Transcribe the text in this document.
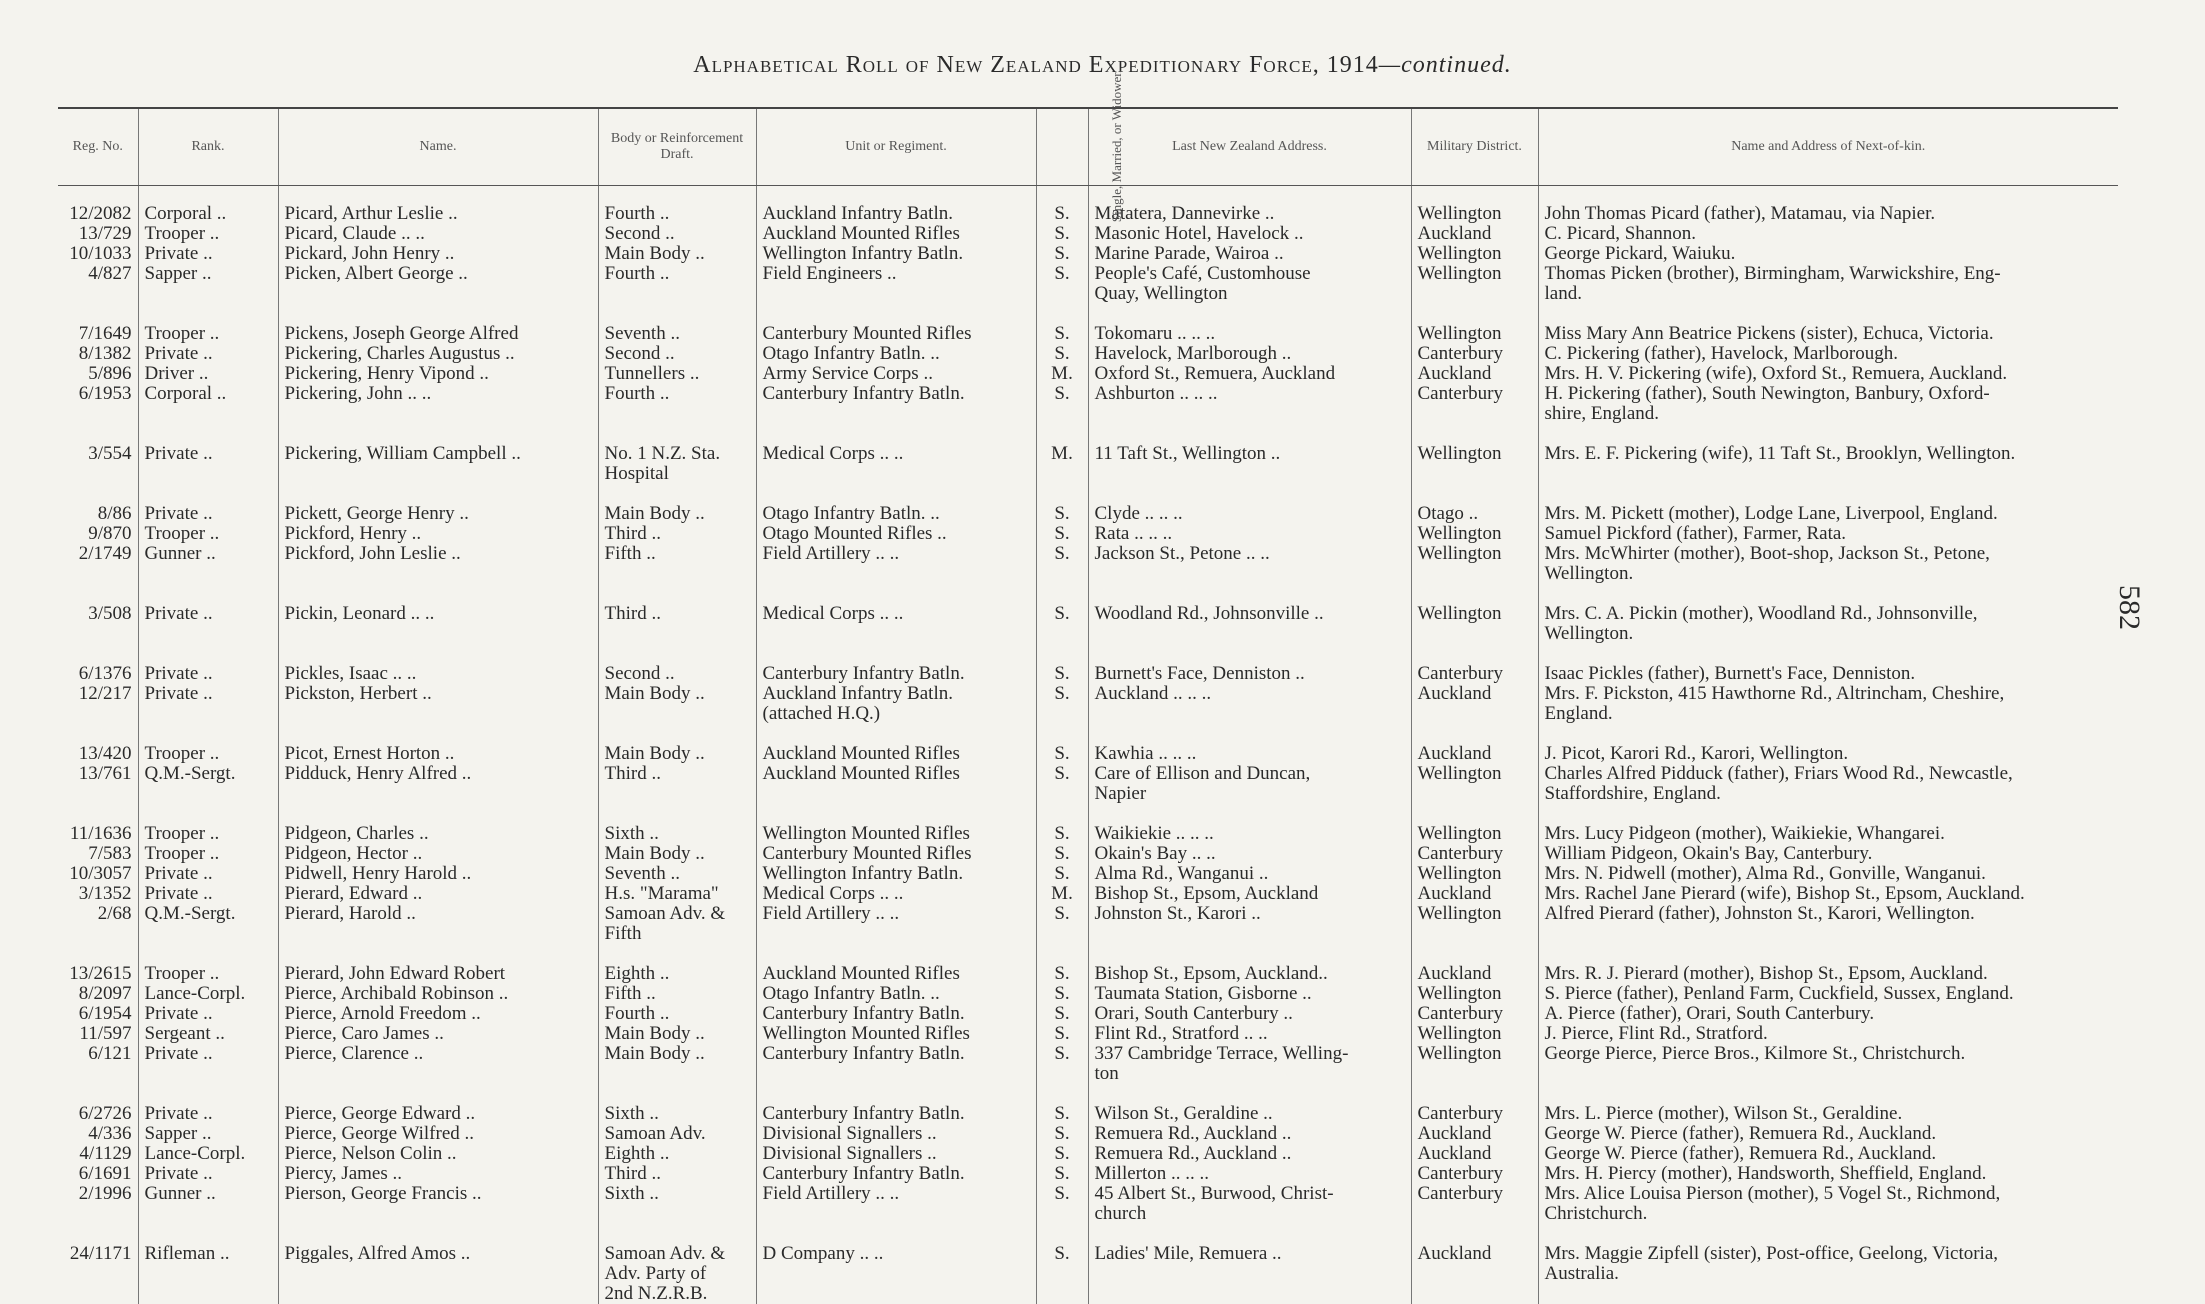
Alphabetical Roll of New Zealand Expeditionary Force, 1914—continued.
582
Reg. No.	Rank.	Name.	Body or Reinforcement Draft.	Unit or Regiment.	Single, Married, or Widower.	Last New Zealand Address.	Military District.	Name and Address of Next-of-kin.
12/2082	Corporal ..	Picard, Arthur Leslie ..	Fourth ..	Auckland Infantry Batln.	S.	Matatera, Dannevirke ..	Wellington	John Thomas Picard (father), Matamau, via Napier.
13/729	Trooper ..	Picard, Claude .. ..	Second ..	Auckland Mounted Rifles	S.	Masonic Hotel, Havelock ..	Auckland	C. Picard, Shannon.
10/1033	Private ..	Pickard, John Henry ..	Main Body ..	Wellington Infantry Batln.	S.	Marine Parade, Wairoa ..	Wellington	George Pickard, Waiuku.
4/827	Sapper ..	Picken, Albert George ..	Fourth ..	Field Engineers ..	S.	People's Café, Customhouse
Quay, Wellington	Wellington	Thomas Picken (brother), Birmingham, Warwickshire, Eng-
land.

7/1649	Trooper ..	Pickens, Joseph George Alfred	Seventh ..	Canterbury Mounted Rifles	S.	Tokomaru .. .. ..	Wellington	Miss Mary Ann Beatrice Pickens (sister), Echuca, Victoria.
8/1382	Private ..	Pickering, Charles Augustus ..	Second ..	Otago Infantry Batln. ..	S.	Havelock, Marlborough ..	Canterbury	C. Pickering (father), Havelock, Marlborough.
5/896	Driver ..	Pickering, Henry Vipond ..	Tunnellers ..	Army Service Corps ..	M.	Oxford St., Remuera, Auckland	Auckland	Mrs. H. V. Pickering (wife), Oxford St., Remuera, Auckland.
6/1953	Corporal ..	Pickering, John .. ..	Fourth ..	Canterbury Infantry Batln.	S.	Ashburton .. .. ..	Canterbury	H. Pickering (father), South Newington, Banbury, Oxford-
shire, England.

3/554	Private ..	Pickering, William Campbell ..	No. 1 N.Z. Sta.
Hospital	Medical Corps .. ..	M.	11 Taft St., Wellington ..	Wellington	Mrs. E. F. Pickering (wife), 11 Taft St., Brooklyn, Wellington.

8/86	Private ..	Pickett, George Henry ..	Main Body ..	Otago Infantry Batln. ..	S.	Clyde .. .. ..	Otago ..	Mrs. M. Pickett (mother), Lodge Lane, Liverpool, England.
9/870	Trooper ..	Pickford, Henry ..	Third ..	Otago Mounted Rifles ..	S.	Rata .. .. ..	Wellington	Samuel Pickford (father), Farmer, Rata.
2/1749	Gunner ..	Pickford, John Leslie ..	Fifth ..	Field Artillery .. ..	S.	Jackson St., Petone .. ..	Wellington	Mrs. McWhirter (mother), Boot-shop, Jackson St., Petone,
Wellington.

3/508	Private ..	Pickin, Leonard .. ..	Third ..	Medical Corps .. ..	S.	Woodland Rd., Johnsonville ..	Wellington	Mrs. C. A. Pickin (mother), Woodland Rd., Johnsonville,
Wellington.

6/1376	Private ..	Pickles, Isaac .. ..	Second ..	Canterbury Infantry Batln.	S.	Burnett's Face, Denniston ..	Canterbury	Isaac Pickles (father), Burnett's Face, Denniston.
12/217	Private ..	Pickston, Herbert ..	Main Body ..	Auckland Infantry Batln.
(attached H.Q.)	S.	Auckland .. .. ..	Auckland	Mrs. F. Pickston, 415 Hawthorne Rd., Altrincham, Cheshire,
England.

13/420	Trooper ..	Picot, Ernest Horton ..	Main Body ..	Auckland Mounted Rifles	S.	Kawhia .. .. ..	Auckland	J. Picot, Karori Rd., Karori, Wellington.
13/761	Q.M.-Sergt.	Pidduck, Henry Alfred ..	Third ..	Auckland Mounted Rifles	S.	Care of Ellison and Duncan,
Napier	Wellington	Charles Alfred Pidduck (father), Friars Wood Rd., Newcastle,
Staffordshire, England.

11/1636	Trooper ..	Pidgeon, Charles ..	Sixth ..	Wellington Mounted Rifles	S.	Waikiekie .. .. ..	Wellington	Mrs. Lucy Pidgeon (mother), Waikiekie, Whangarei.
7/583	Trooper ..	Pidgeon, Hector ..	Main Body ..	Canterbury Mounted Rifles	S.	Okain's Bay .. ..	Canterbury	William Pidgeon, Okain's Bay, Canterbury.
10/3057	Private ..	Pidwell, Henry Harold ..	Seventh ..	Wellington Infantry Batln.	S.	Alma Rd., Wanganui ..	Wellington	Mrs. N. Pidwell (mother), Alma Rd., Gonville, Wanganui.
3/1352	Private ..	Pierard, Edward ..	H.s. "Marama"	Medical Corps .. ..	M.	Bishop St., Epsom, Auckland	Auckland	Mrs. Rachel Jane Pierard (wife), Bishop St., Epsom, Auckland.
2/68	Q.M.-Sergt.	Pierard, Harold ..	Samoan Adv. &
Fifth	Field Artillery .. ..	S.	Johnston St., Karori ..	Wellington	Alfred Pierard (father), Johnston St., Karori, Wellington.

13/2615	Trooper ..	Pierard, John Edward Robert	Eighth ..	Auckland Mounted Rifles	S.	Bishop St., Epsom, Auckland..	Auckland	Mrs. R. J. Pierard (mother), Bishop St., Epsom, Auckland.
8/2097	Lance-Corpl.	Pierce, Archibald Robinson ..	Fifth ..	Otago Infantry Batln. ..	S.	Taumata Station, Gisborne ..	Wellington	S. Pierce (father), Penland Farm, Cuckfield, Sussex, England.
6/1954	Private ..	Pierce, Arnold Freedom ..	Fourth ..	Canterbury Infantry Batln.	S.	Orari, South Canterbury ..	Canterbury	A. Pierce (father), Orari, South Canterbury.
11/597	Sergeant ..	Pierce, Caro James ..	Main Body ..	Wellington Mounted Rifles	S.	Flint Rd., Stratford .. ..	Wellington	J. Pierce, Flint Rd., Stratford.
6/121	Private ..	Pierce, Clarence ..	Main Body ..	Canterbury Infantry Batln.	S.	337 Cambridge Terrace, Welling-
ton	Wellington	George Pierce, Pierce Bros., Kilmore St., Christchurch.

6/2726	Private ..	Pierce, George Edward ..	Sixth ..	Canterbury Infantry Batln.	S.	Wilson St., Geraldine ..	Canterbury	Mrs. L. Pierce (mother), Wilson St., Geraldine.
4/336	Sapper ..	Pierce, George Wilfred ..	Samoan Adv.	Divisional Signallers ..	S.	Remuera Rd., Auckland ..	Auckland	George W. Pierce (father), Remuera Rd., Auckland.
4/1129	Lance-Corpl.	Pierce, Nelson Colin ..	Eighth ..	Divisional Signallers ..	S.	Remuera Rd., Auckland ..	Auckland	George W. Pierce (father), Remuera Rd., Auckland.
6/1691	Private ..	Piercy, James ..	Third ..	Canterbury Infantry Batln.	S.	Millerton .. .. ..	Canterbury	Mrs. H. Piercy (mother), Handsworth, Sheffield, England.
2/1996	Gunner ..	Pierson, George Francis ..	Sixth ..	Field Artillery .. ..	S.	45 Albert St., Burwood, Christ-
church	Canterbury	Mrs. Alice Louisa Pierson (mother), 5 Vogel St., Richmond,
Christchurch.

24/1171	Rifleman ..	Piggales, Alfred Amos ..	Samoan Adv. &
Adv. Party of
2nd N.Z.R.B.	D Company .. ..	S.	Ladies' Mile, Remuera ..	Auckland	Mrs. Maggie Zipfell (sister), Post-office, Geelong, Victoria,
Australia.
